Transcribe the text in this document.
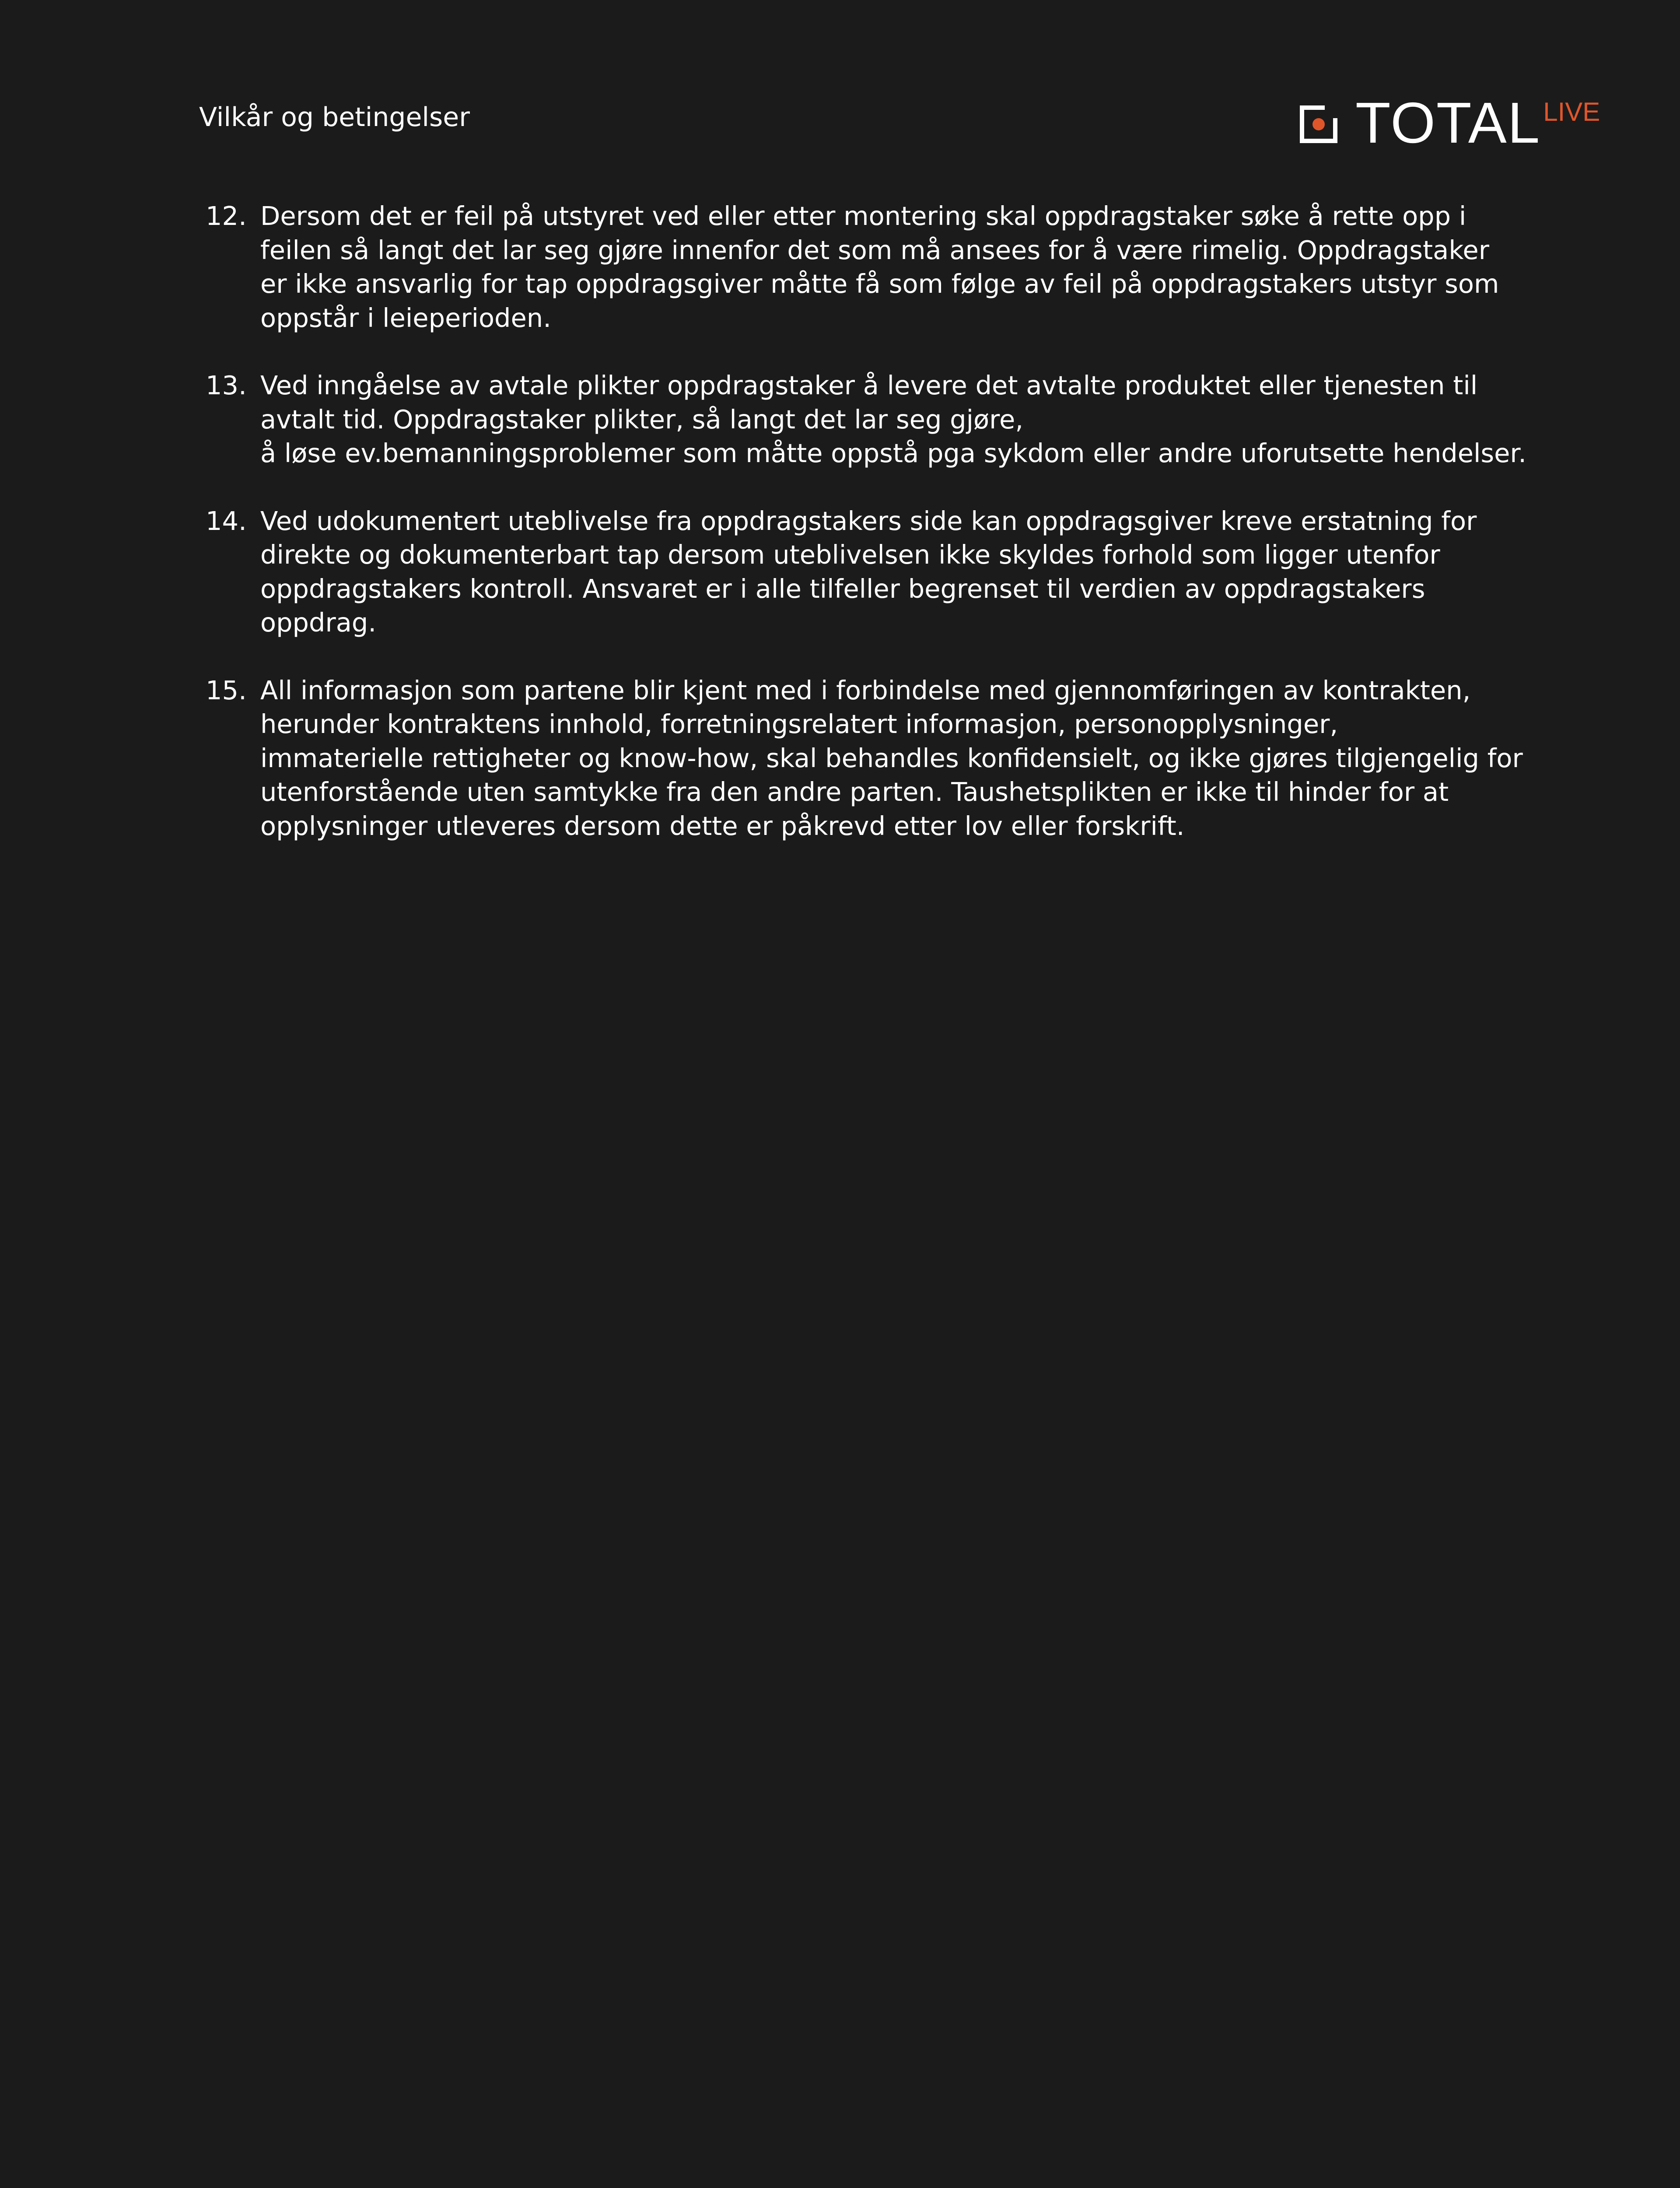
Vilkår og betingelser	TOTAL LIVE
12. Dersom det er feil på utstyret ved eller etter montering skal oppdragstaker søke å rette opp i
feilen så langt det lar seg gjøre innenfor det som må ansees for å være rimelig. Oppdragstaker
er ikke ansvarlig for tap oppdragsgiver måtte få som følge av feil på oppdragstakers utstyr som
oppstår i leieperioden.
13. Ved inngåelse av avtale plikter oppdragstaker å levere det avtalte produktet eller tjenesten til
avtalt tid. Oppdragstaker plikter, så langt det lar seg gjøre,
å løse ev.bemanningsproblemer som måtte oppstå pga sykdom eller andre uforutsette hendelser.
14. Ved udokumentert uteblivelse fra oppdragstakers side kan oppdragsgiver kreve erstatning for
direkte og dokumenterbart tap dersom uteblivelsen ikke skyldes forhold som ligger utenfor
oppdragstakers kontroll. Ansvaret er i alle tilfeller begrenset til verdien av oppdragstakers
oppdrag.
15. All informasjon som partene blir kjent med i forbindelse med gjennomføringen av kontrakten,
herunder kontraktens innhold, forretningsrelatert informasjon, personopplysninger,
immaterielle rettigheter og know-how, skal behandles konfidensielt, og ikke gjøres tilgjengelig for
utenforstående uten samtykke fra den andre parten. Taushetsplikten er ikke til hinder for at
opplysninger utleveres dersom dette er påkrevd etter lov eller forskrift.
